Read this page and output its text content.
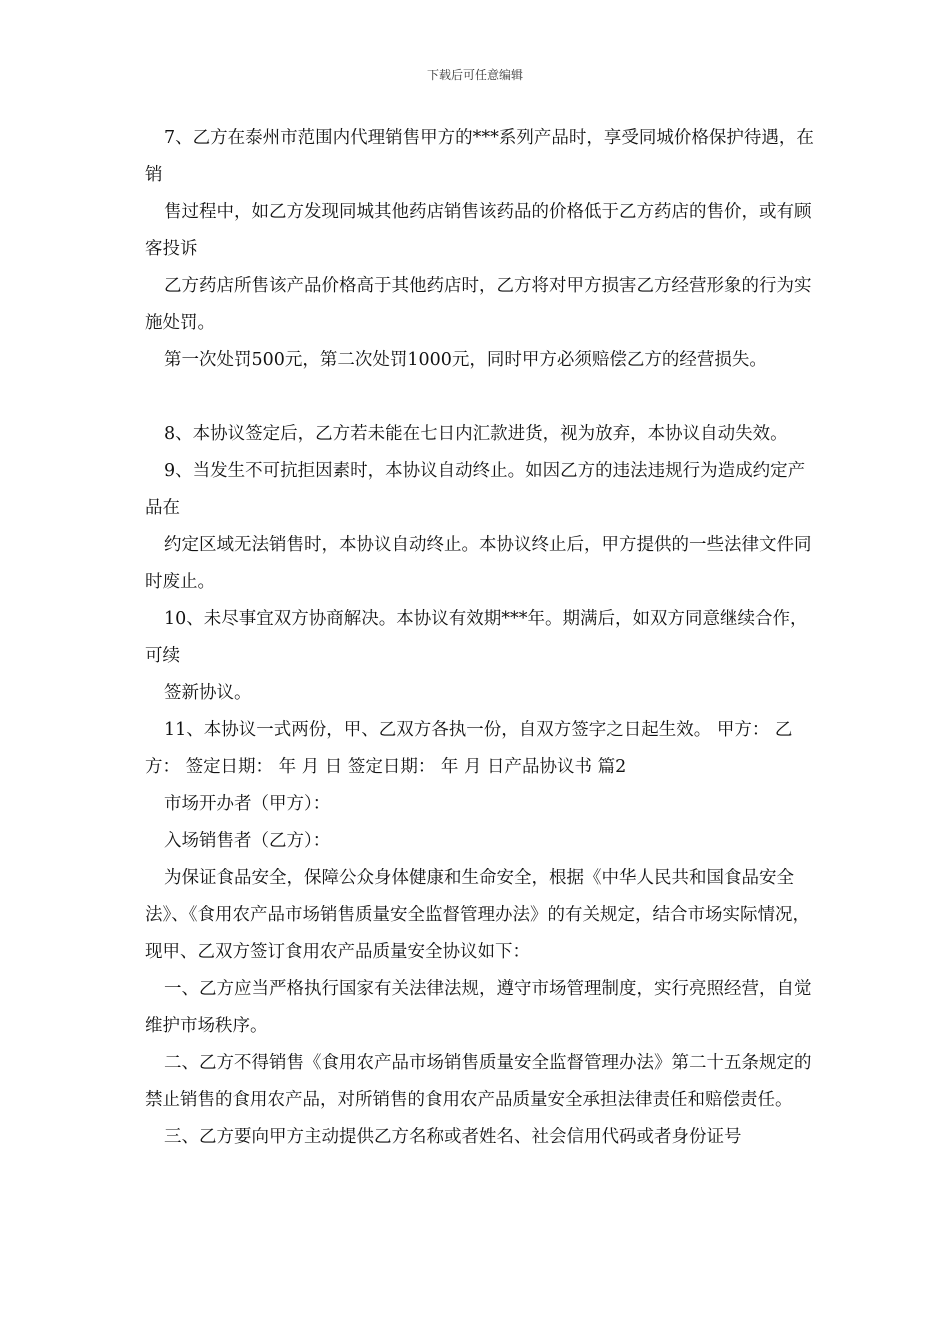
下载后可任意编辑

7、乙方在泰州市范围内代理销售甲方的***系列产品时，享受同城价格保护待遇，在销

售过程中，如乙方发现同城其他药店销售该药品的价格低于乙方药店的售价，或有顾客投诉

乙方药店所售该产品价格高于其他药店时，乙方将对甲方损害乙方经营形象的行为实施处罚。

第一次处罚500元，第二次处罚1000元，同时甲方必须赔偿乙方的经营损失。

8、本协议签定后，乙方若未能在七日内汇款进货，视为放弃，本协议自动失效。

9、当发生不可抗拒因素时，本协议自动终止。如因乙方的违法违规行为造成约定产品在

约定区域无法销售时，本协议自动终止。本协议终止后，甲方提供的一些法律文件同时废止。

10、未尽事宜双方协商解决。本协议有效期***年。期满后，如双方同意继续合作，可续

签新协议。

11、本协议一式两份，甲、乙双方各执一份，自双方签字之日起生效。 甲方： 乙方： 签定日期： 年 月 日 签定日期： 年 月 日产品协议书 篇2

市场开办者（甲方）：

入场销售者（乙方）：

为保证食品安全，保障公众身体健康和生命安全，根据《中华人民共和国食品安全法》、《食用农产品市场销售质量安全监督管理办法》的有关规定，结合市场实际情况，现甲、乙双方签订食用农产品质量安全协议如下：

一、乙方应当严格执行国家有关法律法规，遵守市场管理制度，实行亮照经营，自觉维护市场秩序。

二、乙方不得销售《食用农产品市场销售质量安全监督管理办法》第二十五条规定的禁止销售的食用农产品，对所销售的食用农产品质量安全承担法律责任和赔偿责任。

三、乙方要向甲方主动提供乙方名称或者姓名、社会信用代码或者身份证号
